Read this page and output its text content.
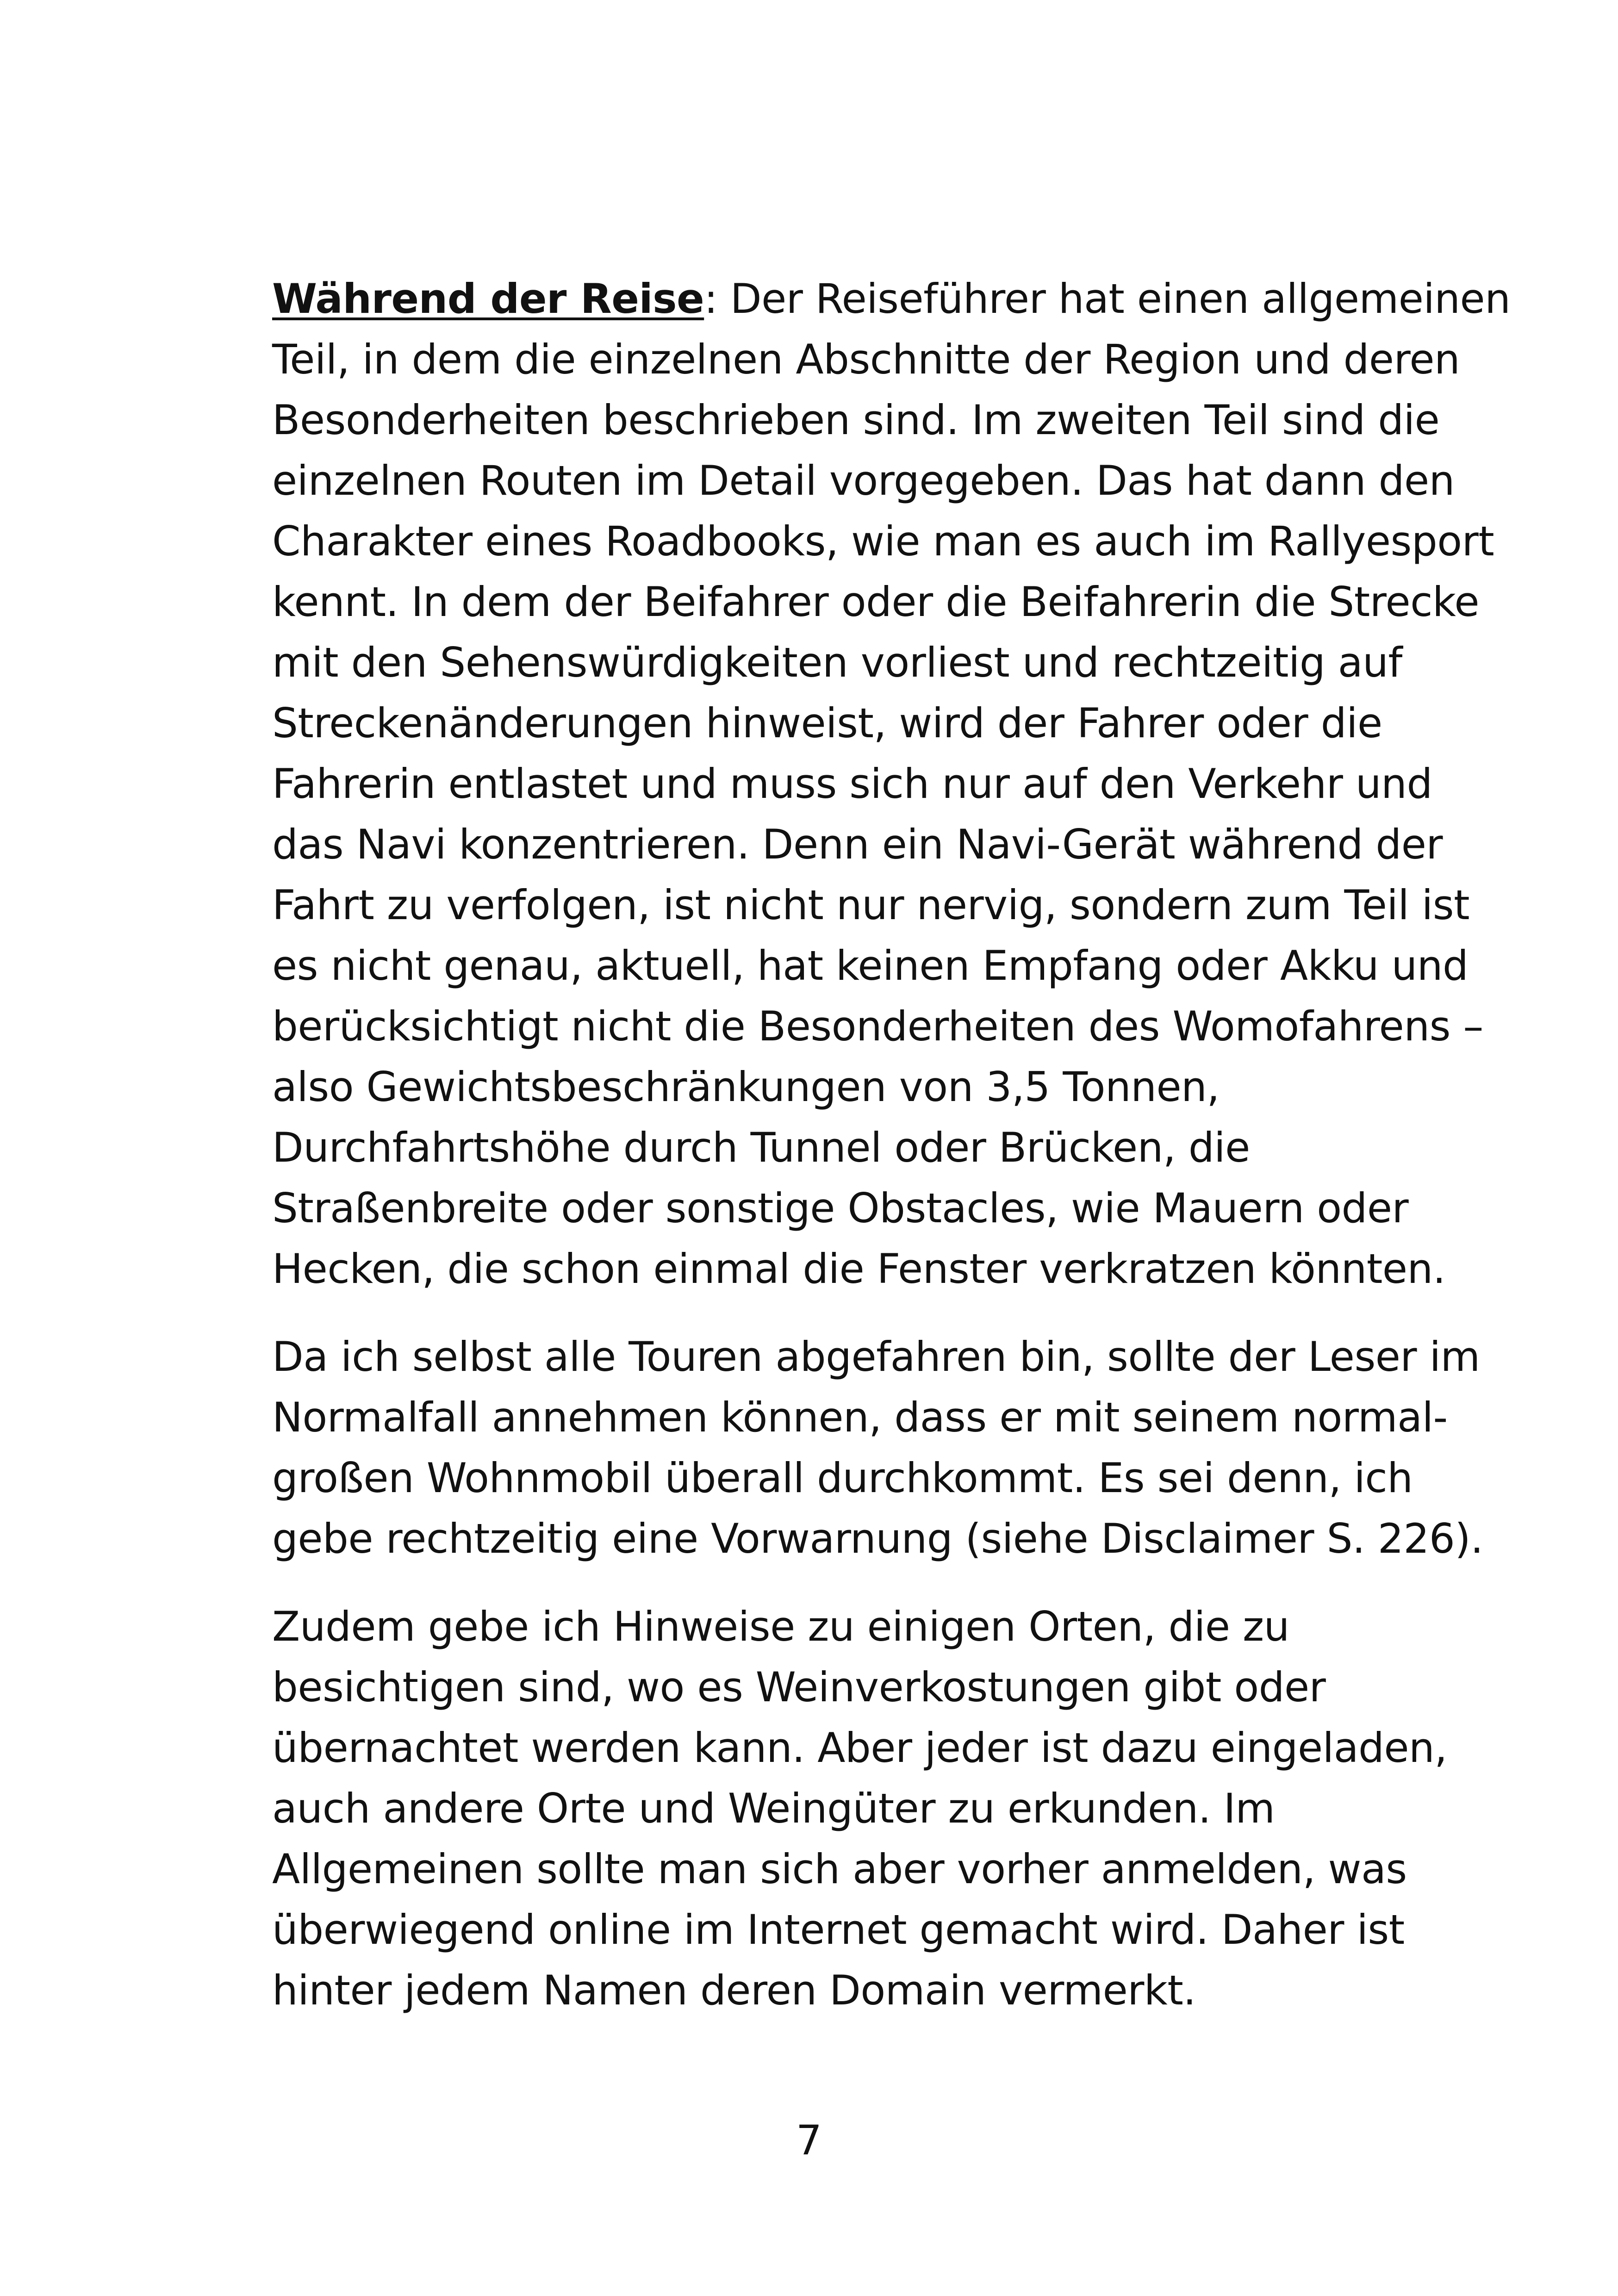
Während der Reise: Der Reiseführer hat einen allgemeinen
Teil, in dem die einzelnen Abschnitte der Region und deren
Besonderheiten beschrieben sind. Im zweiten Teil sind die
einzelnen Routen im Detail vorgegeben. Das hat dann den
Charakter eines Roadbooks, wie man es auch im Rallyesport
kennt. In dem der Beifahrer oder die Beifahrerin die Strecke
mit den Sehenswürdigkeiten vorliest und rechtzeitig auf
Streckenänderungen hinweist, wird der Fahrer oder die
Fahrerin entlastet und muss sich nur auf den Verkehr und
das Navi konzentrieren. Denn ein Navi-Gerät während der
Fahrt zu verfolgen, ist nicht nur nervig, sondern zum Teil ist
es nicht genau, aktuell, hat keinen Empfang oder Akku und
berücksichtigt nicht die Besonderheiten des Womofahrens –
also Gewichtsbeschränkungen von 3,5 Tonnen,
Durchfahrtshöhe durch Tunnel oder Brücken, die
Straßenbreite oder sonstige Obstacles, wie Mauern oder
Hecken, die schon einmal die Fenster verkratzen könnten.
Da ich selbst alle Touren abgefahren bin, sollte der Leser im
Normalfall annehmen können, dass er mit seinem normal-
großen Wohnmobil überall durchkommt. Es sei denn, ich
gebe rechtzeitig eine Vorwarnung (siehe Disclaimer S. 226).
Zudem gebe ich Hinweise zu einigen Orten, die zu
besichtigen sind, wo es Weinverkostungen gibt oder
übernachtet werden kann. Aber jeder ist dazu eingeladen,
auch andere Orte und Weingüter zu erkunden. Im
Allgemeinen sollte man sich aber vorher anmelden, was
überwiegend online im Internet gemacht wird. Daher ist
hinter jedem Namen deren Domain vermerkt.
7
